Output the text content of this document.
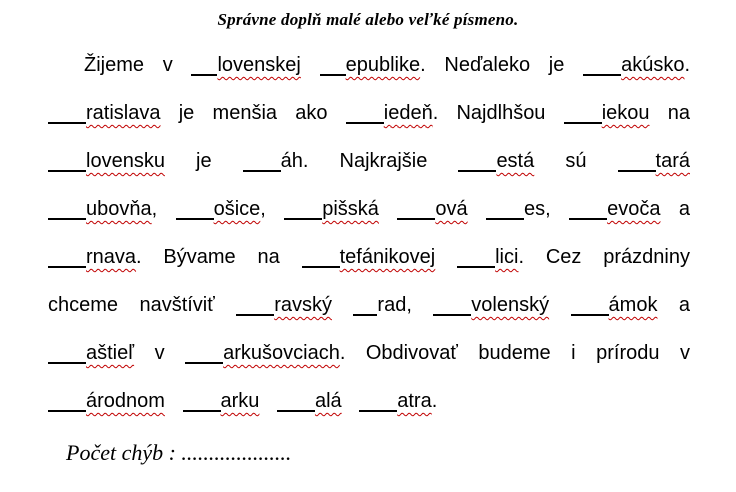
Správne doplň malé alebo veľké písmeno.

Žijeme v lovenskej epublike. Neďaleko je akúsko.
ratislava je menšia ako iedeň. Najdlhšou iekou na
lovensku je áh. Najkrajšie está sú tará
ubovňa, ošice, pišská	ová	es, evoča a
rnava. Bývame na tefánikovej	lici. Cez prázdniny
chceme navštíviť ravský rad, volenský	ámok a
aštieľ v arkušovciach. Obdivovať budeme i prírodu v
árodnom	arku	alá	atra.

Počet chýb : ....................
